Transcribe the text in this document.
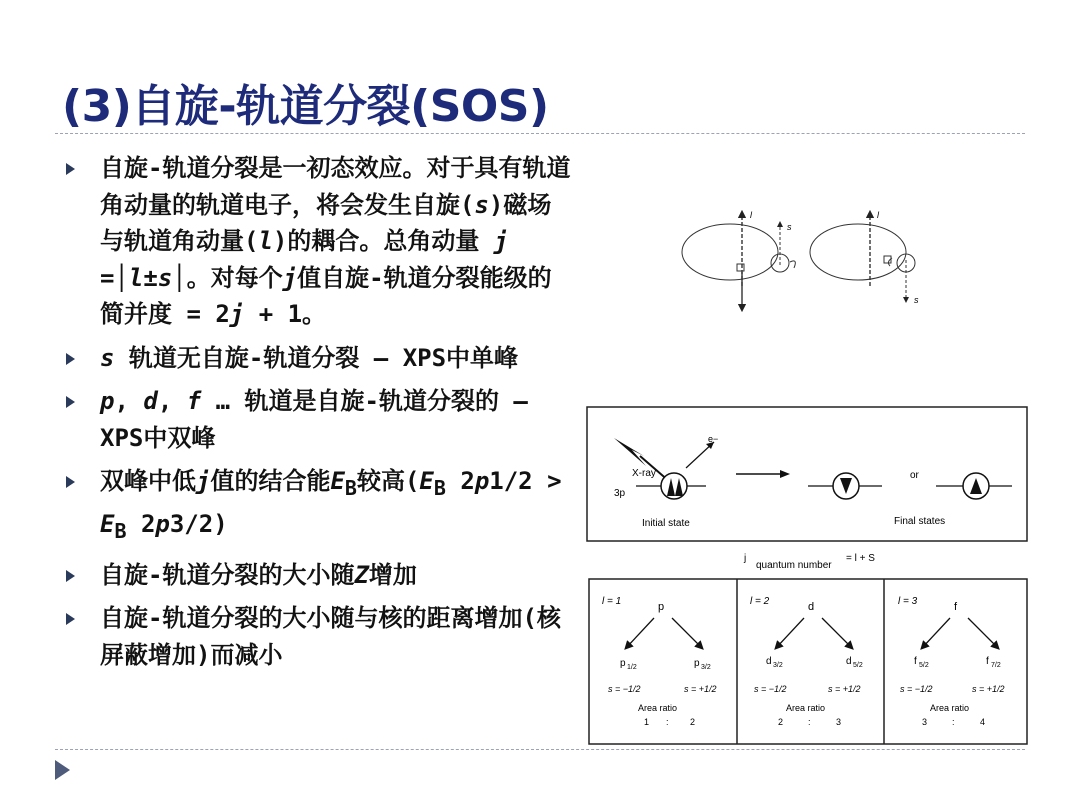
(3)自旋-轨道分裂(SOS)
自旋-轨道分裂是一初态效应。对于具有轨道角动量的轨道电子，将会发生自旋(s)磁场与轨道角动量(l)的耦合。总角动量 j =│l±s│。对每个j值自旋-轨道分裂能级的简并度 = 2j + 1。
s 轨道无自旋-轨道分裂 – XPS中单峰
p, d, f … 轨道是自旋-轨道分裂的 – XPS中双峰
双峰中低j值的结合能$E_B$较高($E_B$ $2p1/2 > E_B$ 2p3/2)
自旋-轨道分裂的大小随Z增加
自旋-轨道分裂的大小随与核的距离增加(核屏蔽增加)而减小
l
s
l
s
e−
X-ray
3p
or
Initial state	Final states
j
quantum number
= l + S
l = 1	p
p 1/2	p 3/2
s = −1/2	s = +1/2
Area ratio
1 : 2
l = 2	d
d 3/2	d 5/2
s = −1/2	s = +1/2
Area ratio
2	:	3
l = 3	f
f 5/2	f 7/2
s = −1/2	s = +1/2
Area ratio
3	:	4
